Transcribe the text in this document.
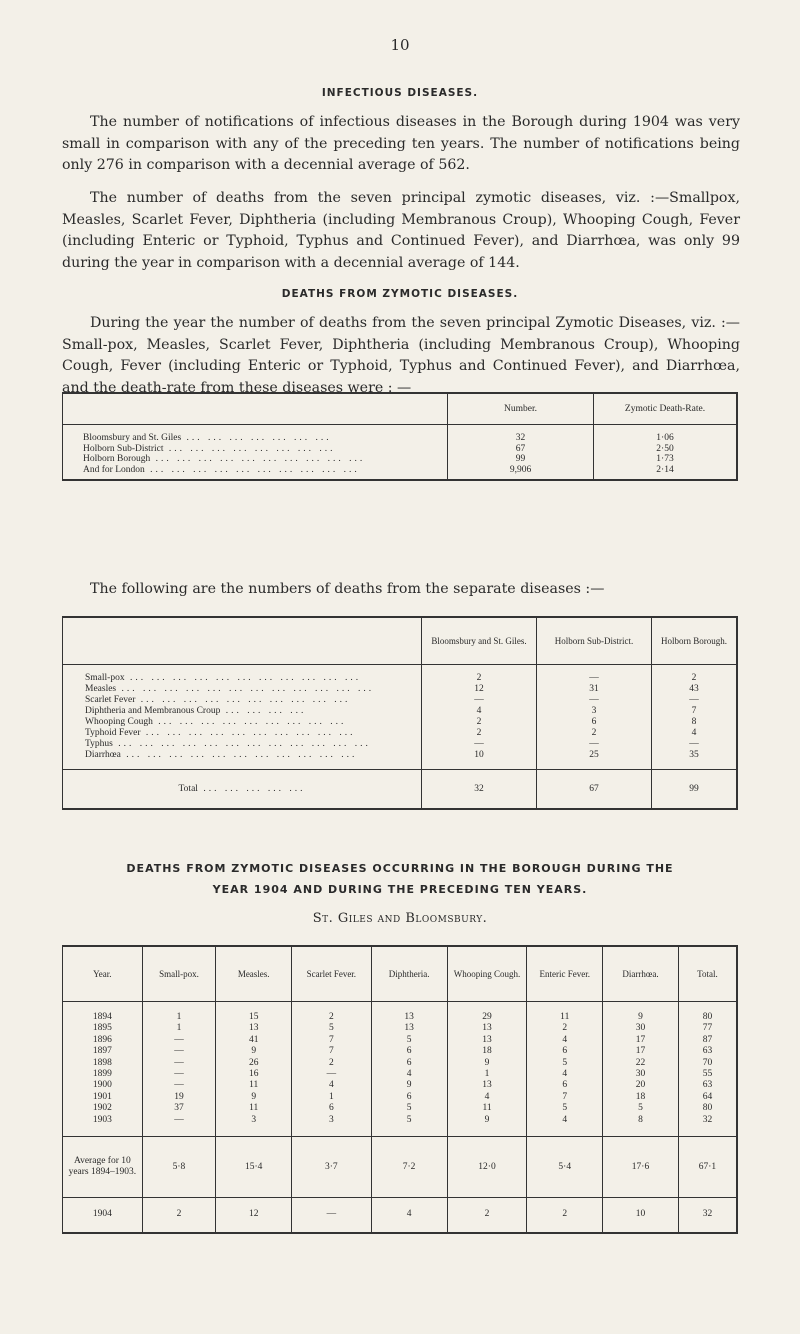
10
INFECTIOUS DISEASES.
The number of notifications of infectious diseases in the Borough during 1904 was very small in comparison with any of the preceding ten years. The number of notifications being only 276 in comparison with a decennial average of 562.
The number of deaths from the seven principal zymotic diseases, viz. :—Smallpox, Measles, Scarlet Fever, Diphtheria (including Membranous Croup), Whooping Cough, Fever (including Enteric or Typhoid, Typhus and Continued Fever), and Diarrhœa, was only 99 during the year in comparison with a decennial average of 144.
DEATHS FROM ZYMOTIC DISEASES.
During the year the number of deaths from the seven principal Zymotic Diseases, viz. :— Small-pox, Measles, Scarlet Fever, Diphtheria (including Membranous Croup), Whooping Cough, Fever (including Enteric or Typhoid, Typhus and Continued Fever), and Diarrhœa, and the death-rate from these diseases were : —
	Number.	Zymotic Death-Rate.
Bloomsbury and St. Giles ... ... ... ... ... ... ...	32	1·06
Holborn Sub-District ... ... ... ... ... ... ... ...	67	2·50
Holborn Borough ... ... ... ... ... ... ... ... ... ...	99	1·73
And for London ... ... ... ... ... ... ... ... ... ...	9,906	2·14
The following are the numbers of deaths from the separate diseases :—
	Bloomsbury and St. Giles.	Holborn Sub-District.	Holborn Borough.
Small-pox ... ... ... ... ... ... ... ... ... ... ...	2	—	2
Measles ... ... ... ... ... ... ... ... ... ... ... ...	12	31	43
Scarlet Fever ... ... ... ... ... ... ... ... ... ...	—	—	—
Diphtheria and Membranous Croup ... ... ... ...	4	3	7
Whooping Cough ... ... ... ... ... ... ... ... ...	2	6	8
Typhoid Fever ... ... ... ... ... ... ... ... ... ...	2	2	4
Typhus ... ... ... ... ... ... ... ... ... ... ... ...	—	—	—
Diarrhœa ... ... ... ... ... ... ... ... ... ... ...	10	25	35
Total ... ... ... ... ...	32	67	99
DEATHS FROM ZYMOTIC DISEASES OCCURRING IN THE BOROUGH DURING THE
YEAR 1904 AND DURING THE PRECEDING TEN YEARS.
St. Giles and Bloomsbury.
Year.	Small-pox.	Measles.	Scarlet Fever.	Diphtheria.	Whooping Cough.	Enteric Fever.	Diarrhœa.	Total.
1894	1	15	2	13	29	11	9	80
1895	1	13	5	13	13	2	30	77
1896	—	41	7	5	13	4	17	87
1897	—	9	7	6	18	6	17	63
1898	—	26	2	6	9	5	22	70
1899	—	16	—	4	1	4	30	55
1900	—	11	4	9	13	6	20	63
1901	19	9	1	6	4	7	18	64
1902	37	11	6	5	11	5	5	80
1903	—	3	3	5	9	4	8	32
Average for 10 years 1894–1903.	5·8	15·4	3·7	7·2	12·0	5·4	17·6	67·1
1904	2	12	—	4	2	2	10	32
